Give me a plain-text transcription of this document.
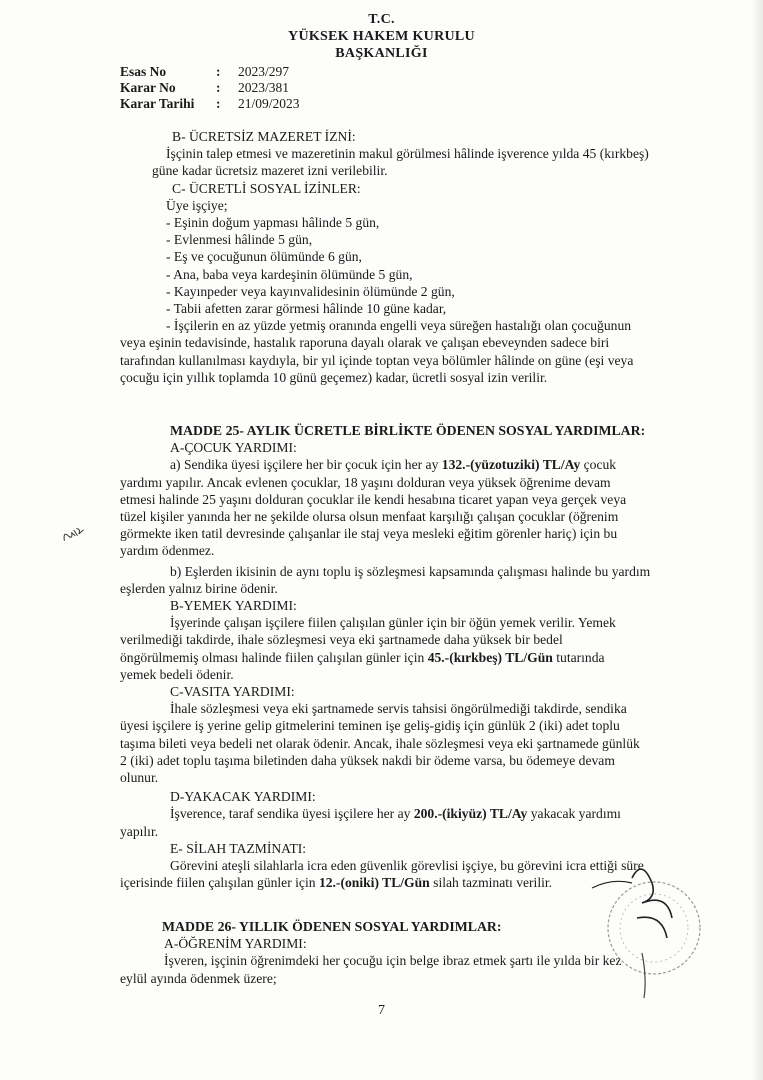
T.C.
YÜKSEK HAKEM KURULU
BAŞKANLIĞI
Esas No	:	2023/297
Karar No	:	2023/381
Karar Tarihi	:	21/09/2023

B- ÜCRETSİZ MAZERET İZNİ:

İşçinin talep etmesi ve mazeretinin makul görülmesi hâlinde işverence yılda 45 (kırkbeş)

güne kadar ücretsiz mazeret izni verilebilir.

C- ÜCRETLİ SOSYAL İZİNLER:

Üye işçiye;

- Eşinin doğum yapması hâlinde 5 gün,

- Evlenmesi hâlinde 5 gün,

- Eş ve çocuğunun ölümünde 6 gün,

- Ana, baba veya kardeşinin ölümünde 5 gün,

- Kayınpeder veya kayınvalidesinin ölümünde 2 gün,

- Tabii afetten zarar görmesi hâlinde 10 güne kadar,

- İşçilerin en az yüzde yetmiş oranında engelli veya süreğen hastalığı olan çocuğunun

veya eşinin tedavisinde, hastalık raporuna dayalı olarak ve çalışan ebeveynden sadece biri

tarafından kullanılması kaydıyla, bir yıl içinde toptan veya bölümler hâlinde on güne (eşi veya

çocuğu için yıllık toplamda 10 günü geçemez) kadar, ücretli sosyal izin verilir.

MADDE 25- AYLIK ÜCRETLE BİRLİKTE ÖDENEN SOSYAL YARDIMLAR:

A-ÇOCUK YARDIMI:

a) Sendika üyesi işçilere her bir çocuk için her ay 132.-(yüzotuziki) TL/Ay çocuk

yardımı yapılır. Ancak evlenen çocuklar, 18 yaşını dolduran veya yüksek öğrenime devam

etmesi halinde 25 yaşını dolduran çocuklar ile kendi hesabına ticaret yapan veya gerçek veya

tüzel kişiler yanında her ne şekilde olursa olsun menfaat karşılığı çalışan çocuklar (öğrenim

görmekte iken tatil devresinde çalışanlar ile staj veya mesleki eğitim görenler hariç) için bu

yardım ödenmez.

b) Eşlerden ikisinin de aynı toplu iş sözleşmesi kapsamında çalışması halinde bu yardım

eşlerden yalnız birine ödenir.

B-YEMEK YARDIMI:

İşyerinde çalışan işçilere fiilen çalışılan günler için bir öğün yemek verilir. Yemek

verilmediği takdirde, ihale sözleşmesi veya eki şartnamede daha yüksek bir bedel

öngörülmemiş olması halinde fiilen çalışılan günler için 45.-(kırkbeş) TL/Gün tutarında

yemek bedeli ödenir.

C-VASITA YARDIMI:

İhale sözleşmesi veya eki şartnamede servis tahsisi öngörülmediği takdirde, sendika

üyesi işçilere iş yerine gelip gitmelerini teminen işe geliş-gidiş için günlük 2 (iki) adet toplu

taşıma bileti veya bedeli net olarak ödenir. Ancak, ihale sözleşmesi veya eki şartnamede günlük

2 (iki) adet toplu taşıma biletinden daha yüksek nakdi bir ödeme varsa, bu ödemeye devam

olunur.

D-YAKACAK YARDIMI:

İşverence, taraf sendika üyesi işçilere her ay 200.-(ikiyüz) TL/Ay yakacak yardımı

yapılır.

E- SİLAH TAZMİNATI:

Görevini ateşli silahlarla icra eden güvenlik görevlisi işçiye, bu görevini icra ettiği süre

içerisinde fiilen çalışılan günler için 12.-(oniki) TL/Gün silah tazminatı verilir.

MADDE 26- YILLIK ÖDENEN SOSYAL YARDIMLAR:

A-ÖĞRENİM YARDIMI:

İşveren, işçinin öğrenimdeki her çocuğu için belge ibraz etmek şartı ile yılda bir kez

eylül ayında ödenmek üzere;

7
